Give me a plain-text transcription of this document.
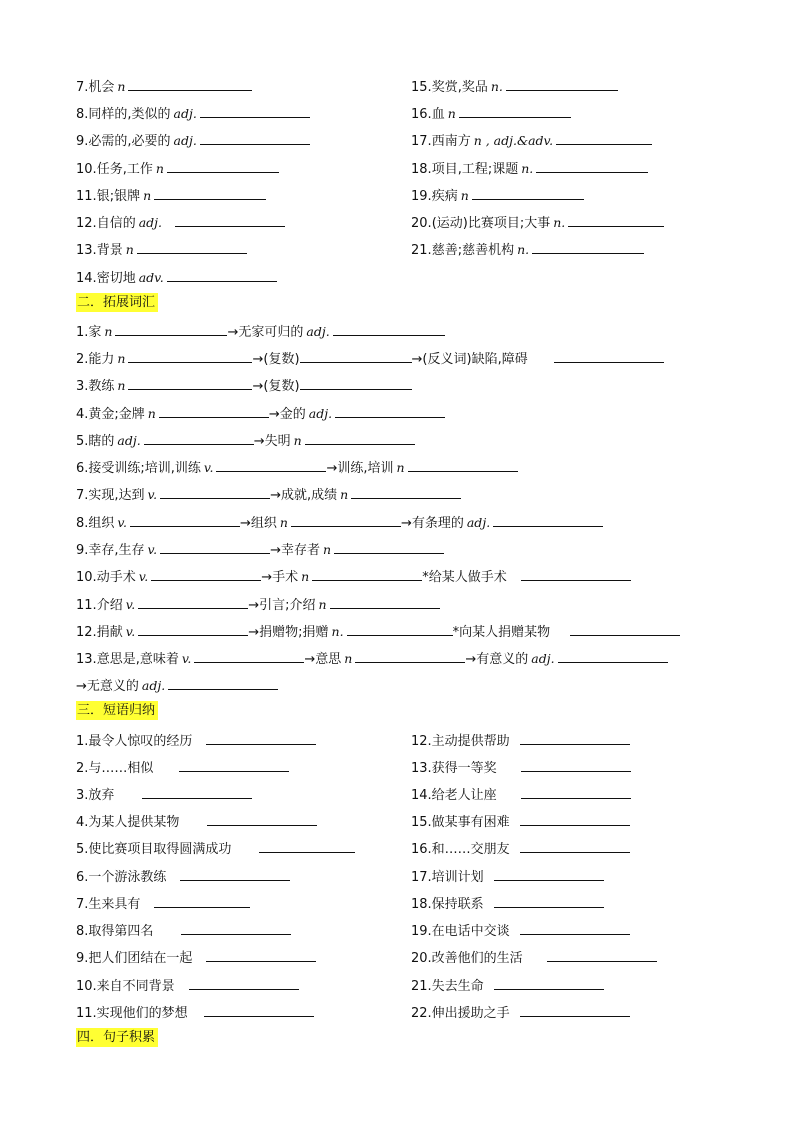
7.机会 n
8.同样的,类似的 adj.
9.必需的,必要的 adj.
10.任务,工作 n
11.银;银牌 n
12.自信的 adj.
13.背景 n
14.密切地 adv.
15.奖赏,奖品 n.
16.血 n
17.西南方 n , adj.&adv.
18.项目,工程;课题 n.
19.疾病 n
20.(运动)比赛项目;大事 n.
21.慈善;慈善机构 n.
二．拓展词汇
1.家 n	→无家可归的 adj.
2.能力 n	→(复数)	→(反义词)缺陷,障碍
3.教练 n	→(复数)
4.黄金;金牌 n	→金的 adj.
5.瞎的 adj.	→失明 n
6.接受训练;培训,训练 v.	→训练,培训 n
7.实现,达到 v.	→成就,成绩 n
8.组织 v.	→组织 n	→有条理的 adj.
9.幸存,生存 v.	→幸存者 n
10.动手术 v.	→手术 n	*给某人做手术
11.介绍 v.	→引言;介绍 n
12.捐献 v.	→捐赠物;捐赠 n.	*向某人捐赠某物
13.意思是,意味着 v.	→意思 n	→有意义的 adj.
→无意义的 adj.
三．短语归纳
1.最令人惊叹的经历
2.与……相似
3.放弃
4.为某人提供某物
5.使比赛项目取得圆满成功
6.一个游泳教练
7.生来具有
8.取得第四名
9.把人们团结在一起
10.来自不同背景
11.实现他们的梦想
12.主动提供帮助
13.获得一等奖
14.给老人让座
15.做某事有困难
16.和……交朋友
17.培训计划
18.保持联系
19.在电话中交谈
20.改善他们的生活
21.失去生命
22.伸出援助之手
四．句子积累
